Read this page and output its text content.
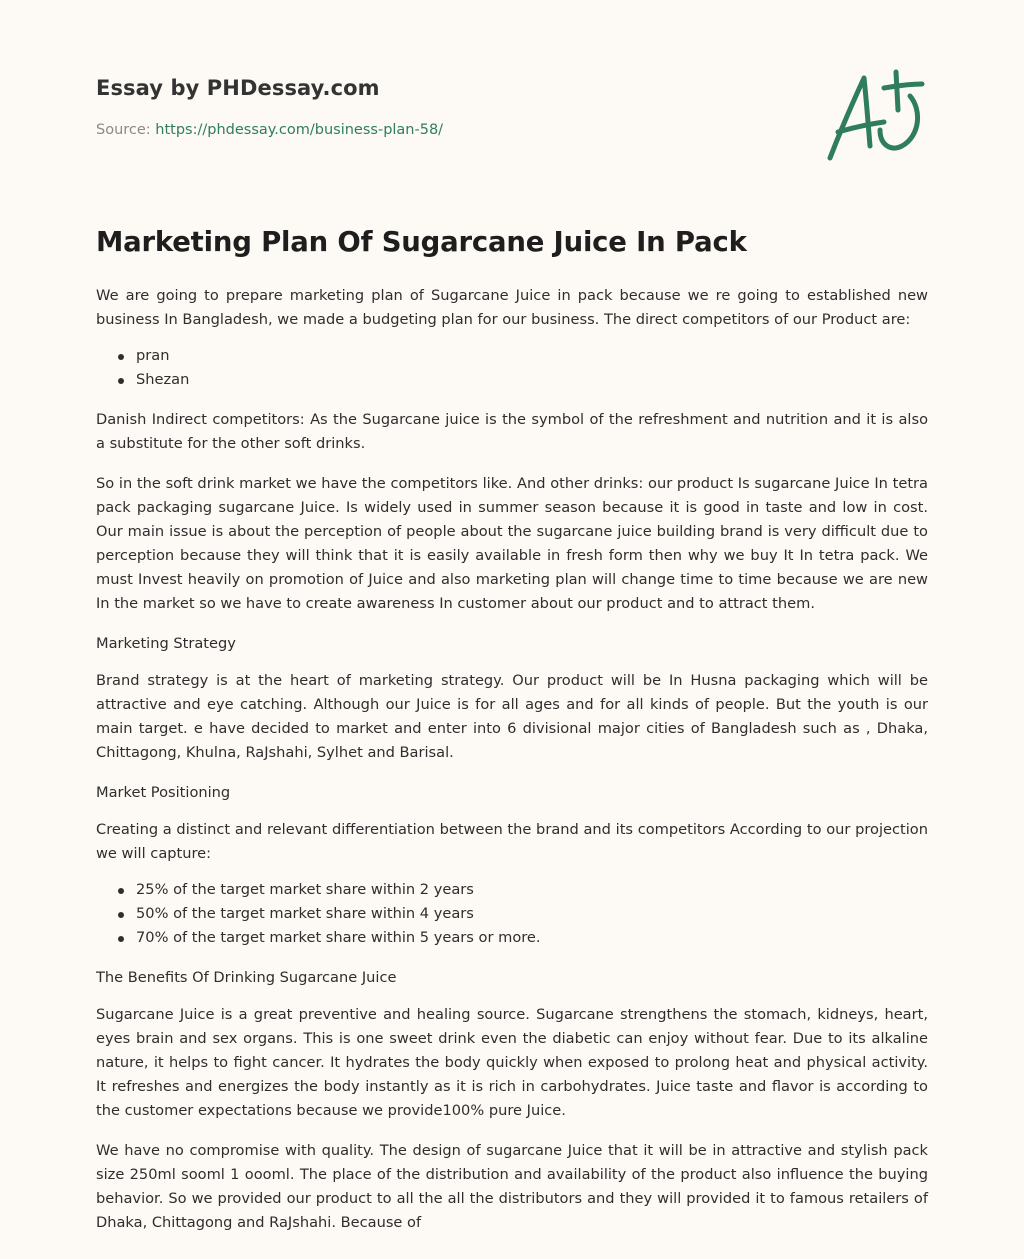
Essay by PHDessay.com
Source: https://phdessay.com/business-plan-58/
Marketing Plan Of Sugarcane Juice In Pack

We are going to prepare marketing plan of Sugarcane Juice in pack because we re going to established new business In Bangladesh, we made a budgeting plan for our business. The direct competitors of our Product are:

pran
Shezan

Danish Indirect competitors: As the Sugarcane juice is the symbol of the refreshment and nutrition and it is also a substitute for the other soft drinks.

So in the soft drink market we have the competitors like. And other drinks: our product Is sugarcane Juice In tetra pack packaging sugarcane Juice. Is widely used in summer season because it is good in taste and low in cost. Our main issue is about the perception of people about the sugarcane juice building brand is very difficult due to perception because they will think that it is easily available in fresh form then why we buy It In tetra pack. We must Invest heavily on promotion of Juice and also marketing plan will change time to time because we are new In the market so we have to create awareness In customer about our product and to attract them.

Marketing Strategy

Brand strategy is at the heart of marketing strategy. Our product will be In Husna packaging which will be attractive and eye catching. Although our Juice is for all ages and for all kinds of people. But the youth is our main target. e have decided to market and enter into 6 divisional major cities of Bangladesh such as , Dhaka, Chittagong, Khulna, RaJshahi, Sylhet and Barisal.

Market Positioning

Creating a distinct and relevant differentiation between the brand and its competitors According to our projection we will capture:

25% of the target market share within 2 years
50% of the target market share within 4 years
70% of the target market share within 5 years or more.

The Benefits Of Drinking Sugarcane Juice

Sugarcane Juice is a great preventive and healing source. Sugarcane strengthens the stomach, kidneys, heart, eyes brain and sex organs. This is one sweet drink even the diabetic can enjoy without fear. Due to its alkaline nature, it helps to fight cancer. It hydrates the body quickly when exposed to prolong heat and physical activity. It refreshes and energizes the body instantly as it is rich in carbohydrates. Juice taste and flavor is according to the customer expectations because we provide100% pure Juice.

We have no compromise with quality. The design of sugarcane Juice that it will be in attractive and stylish pack size 250ml sooml 1 oooml. The place of the distribution and availability of the product also influence the buying behavior. So we provided our product to all the all the distributors and they will provided it to famous retailers of Dhaka, Chittagong and RaJshahi. Because of
